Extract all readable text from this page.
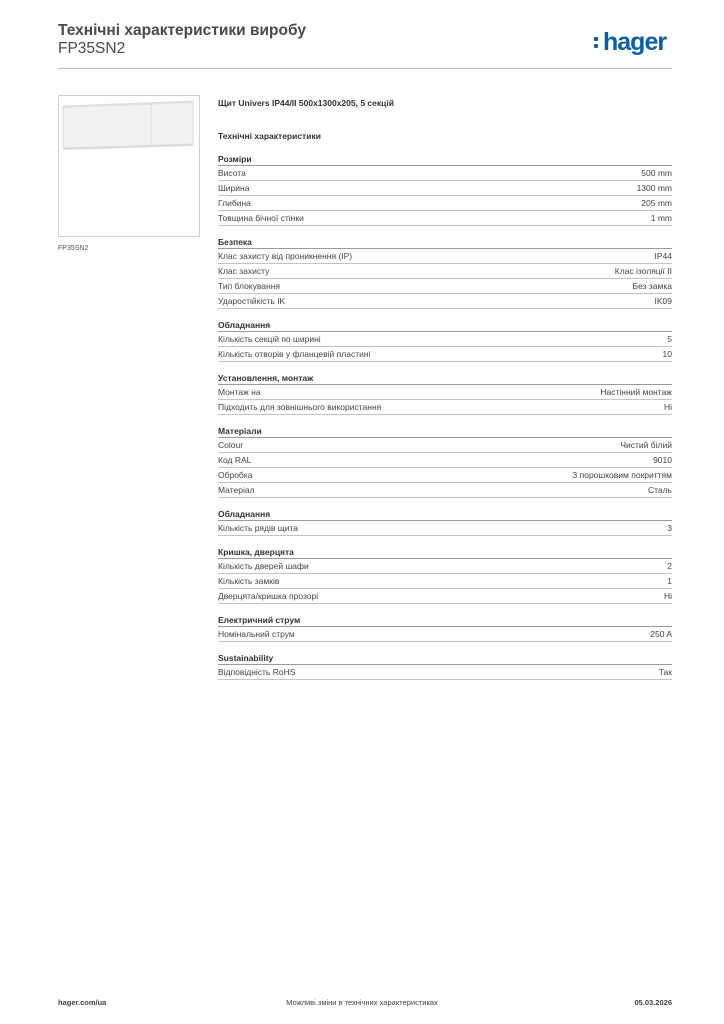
Технічні характеристики виробу
FP35SN2	hager
FP35SN2
Щит Univers IP44/II 500x1300x205, 5 секцій
Технічні характеристики
Розміри
Висота	500 mm
Ширина	1300 mm
Глибина	205 mm
Товщина бічної стінки	1 mm
Безпека
Клас захисту від проникнення (IP)	IP44
Клас захисту	Клас ізоляції II
Тип блокування	Без замка
Ударостійкість IK	IK09
Обладнання
Кількість секцій по ширині	5
Кількість отворів у фланцевій пластині	10
Установлення, монтаж
Монтаж на	Настінний монтаж
Підходить для зовнішнього використання	Ні
Матеріали
Colour	Чистий білий
Код RAL	9010
Обробка	З порошковим покриттям
Матеріал	Сталь
Обладнання
Кількість рядів щита	3
Кришка, дверцята
Кількість дверей шафи	2
Кількість замків	1
Дверцята/кришка прозорі	Ні
Електричний струм
Номінальний струм	250 A
Sustainability
Відповідність RoHS	Так
hager.com/ua	Можливі зміни в технічних характеристиках	05.03.2026
